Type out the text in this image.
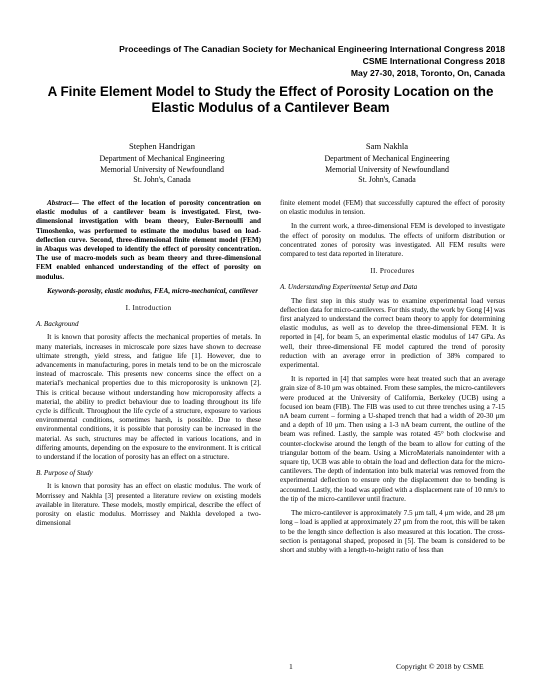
Proceedings of The Canadian Society for Mechanical Engineering International Congress 2018
CSME International Congress 2018
May 27-30, 2018, Toronto, On, Canada
A Finite Element Model to Study the Effect of Porosity Location on the Elastic Modulus of a Cantilever Beam
Stephen Handrigan
Department of Mechanical Engineering
Memorial University of Newfoundland
St. John's, Canada
Sam Nakhla
Department of Mechanical Engineering
Memorial University of Newfoundland
St. John's, Canada

Abstract— The effect of the location of porosity concentration on elastic modulus of a cantilever beam is investigated. First, two-dimensional investigation with beam theory, Euler-Bernoulli and Timoshenko, was performed to estimate the modulus based on load-deflection curve. Second, three-dimensional finite element model (FEM) in Abaqus was developed to identify the effect of porosity concentration. The use of macro-models such as beam theory and three-dimensional FEM enabled enhanced understanding of the effect of porosity on modulus.

Keywords-porosity, elastic modulus, FEA, micro-mechanical, cantilever

I. Introduction
A. Background

It is known that porosity affects the mechanical properties of metals. In many materials, increases in microscale pore sizes have shown to decrease ultimate strength, yield stress, and fatigue life [1]. However, due to advancements in manufacturing, pores in metals tend to be on the microscale instead of macroscale. This presents new concerns since the effect on a material's mechanical properties due to this microporosity is unknown [2]. This is critical because without understanding how microporosity affects a material, the ability to predict behaviour due to loading throughout its life cycle is difficult. Throughout the life cycle of a structure, exposure to various environmental conditions, sometimes harsh, is possible. Due to these environmental conditions, it is possible that porosity can be increased in the material. As such, structures may be affected in various locations, and in differing amounts, depending on the exposure to the environment. It is critical to understand if the location of porosity has an effect on a structure.

B. Purpose of Study

It is known that porosity has an effect on elastic modulus. The work of Morrissey and Nakhla [3] presented a literature review on existing models available in literature. These models, mostly empirical, describe the effect of porosity on elastic modulus. Morrissey and Nakhla developed a two-dimensional

finite element model (FEM) that successfully captured the effect of porosity on elastic modulus in tension.

In the current work, a three-dimensional FEM is developed to investigate the effect of porosity on modulus. The effects of uniform distribution or concentrated zones of porosity was investigated. All FEM results were compared to test data reported in literature.

II. Procedures
A. Understanding Experimental Setup and Data

The first step in this study was to examine experimental load versus deflection data for micro-cantilevers. For this study, the work by Gong [4] was first analyzed to understand the correct beam theory to apply for determining elastic modulus, as well as to develop the three-dimensional FEM. It is reported in [4], for beam 5, an experimental elastic modulus of 147 GPa. As well, their three-dimensional FE model captured the trend of porosity reduction with an average error in prediction of 38% compared to experimental.

It is reported in [4] that samples were heat treated such that an average grain size of 8-10 μm was obtained. From these samples, the micro-cantilevers were produced at the University of California, Berkeley (UCB) using a focused ion beam (FIB). The FIB was used to cut three trenches using a 7-15 nA beam current – forming a U-shaped trench that had a width of 20-30 μm and a depth of 10 μm. Then using a 1-3 nA beam current, the outline of the beam was refined. Lastly, the sample was rotated 45° both clockwise and counter-clockwise around the length of the beam to allow for cutting of the triangular bottom of the beam. Using a MicroMaterials nanoindenter with a square tip, UCB was able to obtain the load and deflection data for the micro-cantilevers. The depth of indentation into bulk material was removed from the experimental deflection to ensure only the displacement due to bending is accounted. Lastly, the load was applied with a displacement rate of 10 nm/s to the tip of the micro-cantilever until fracture.

The micro-cantilever is approximately 7.5 μm tall, 4 μm wide, and 28 μm long – load is applied at approximately 27 μm from the root, this will be taken to be the length since deflection is also measured at this location. The cross-section is pentagonal shaped, proposed in [5]. The beam is considered to be short and stubby with a length-to-height ratio of less than

1	Copyright © 2018 by CSME
